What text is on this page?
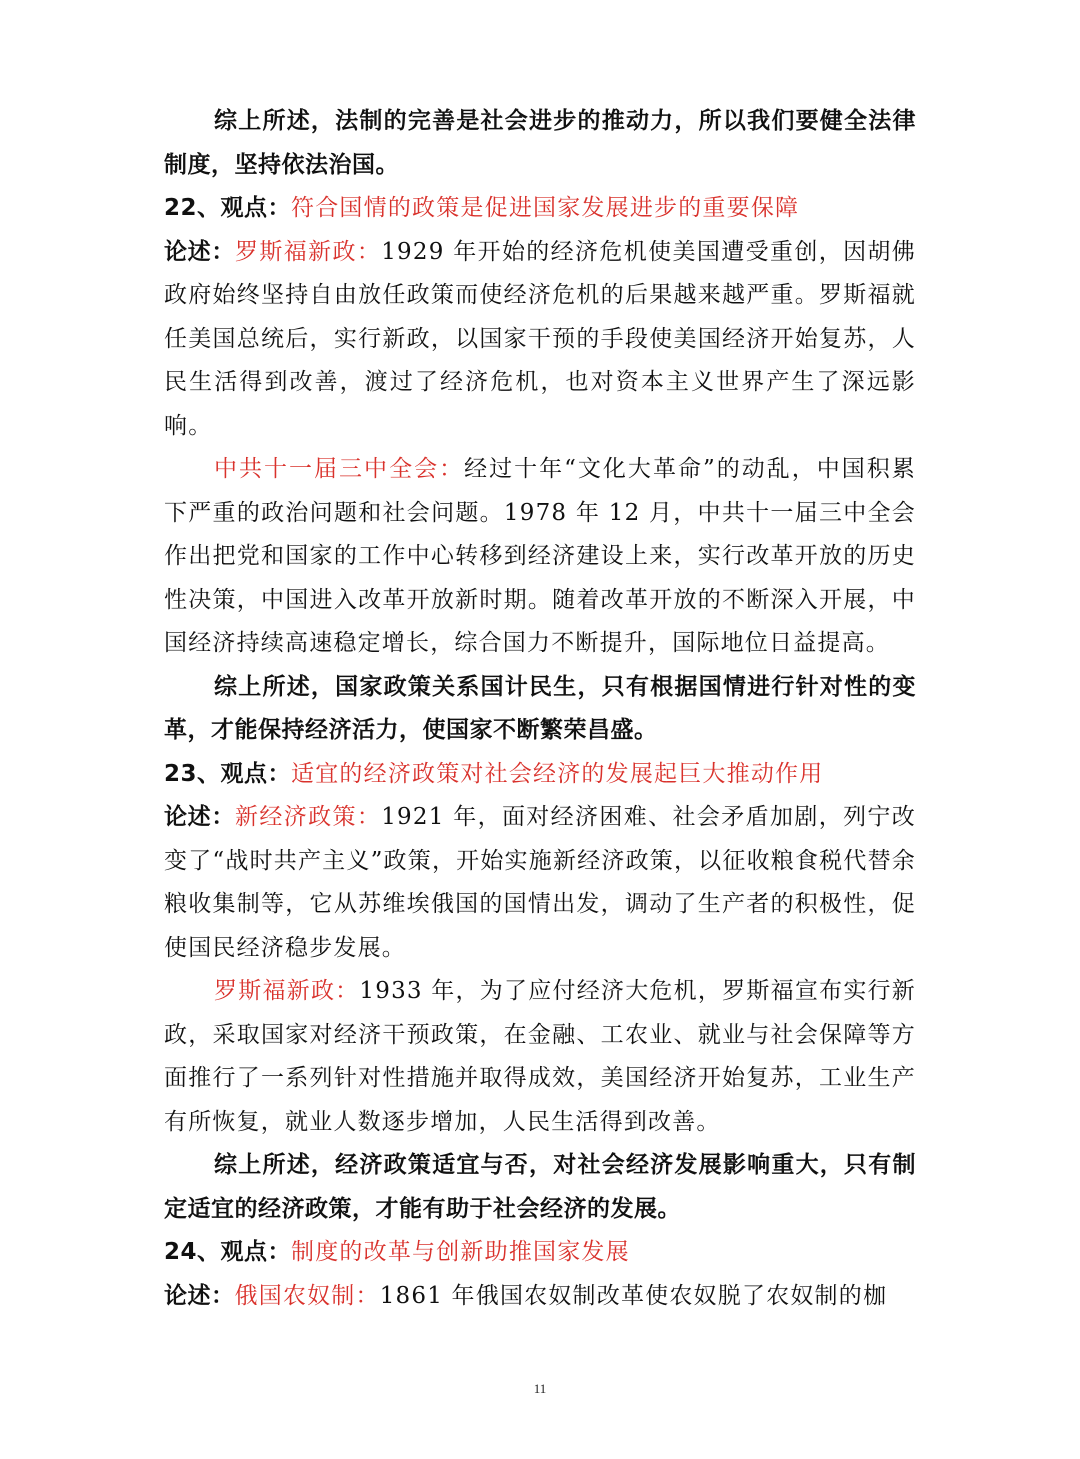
综上所述，法制的完善是社会进步的推动力，所以我们要健全法律制度，坚持依法治国。

22、观点：符合国情的政策是促进国家发展进步的重要保障

论述：罗斯福新政：1929 年开始的经济危机使美国遭受重创，因胡佛政府始终坚持自由放任政策而使经济危机的后果越来越严重。罗斯福就任美国总统后，实行新政，以国家干预的手段使美国经济开始复苏，人民生活得到改善，渡过了经济危机，也对资本主义世界产生了深远影响。

中共十一届三中全会：经过十年“文化大革命”的动乱，中国积累下严重的政治问题和社会问题。1978 年 12 月，中共十一届三中全会作出把党和国家的工作中心转移到经济建设上来，实行改革开放的历史性决策，中国进入改革开放新时期。随着改革开放的不断深入开展，中国经济持续高速稳定增长，综合国力不断提升，国际地位日益提高。

综上所述，国家政策关系国计民生，只有根据国情进行针对性的变革，才能保持经济活力，使国家不断繁荣昌盛。

23、观点：适宜的经济政策对社会经济的发展起巨大推动作用

论述：新经济政策：1921 年，面对经济困难、社会矛盾加剧，列宁改变了“战时共产主义”政策，开始实施新经济政策，以征收粮食税代替余粮收集制等，它从苏维埃俄国的国情出发，调动了生产者的积极性，促使国民经济稳步发展。

罗斯福新政：1933 年，为了应付经济大危机，罗斯福宣布实行新政，采取国家对经济干预政策，在金融、工农业、就业与社会保障等方面推行了一系列针对性措施并取得成效，美国经济开始复苏，工业生产有所恢复，就业人数逐步增加，人民生活得到改善。

综上所述，经济政策适宜与否，对社会经济发展影响重大，只有制定适宜的经济政策，才能有助于社会经济的发展。

24、观点：制度的改革与创新助推国家发展

论述：俄国农奴制：1861 年俄国农奴制改革使农奴脱了农奴制的枷

11
